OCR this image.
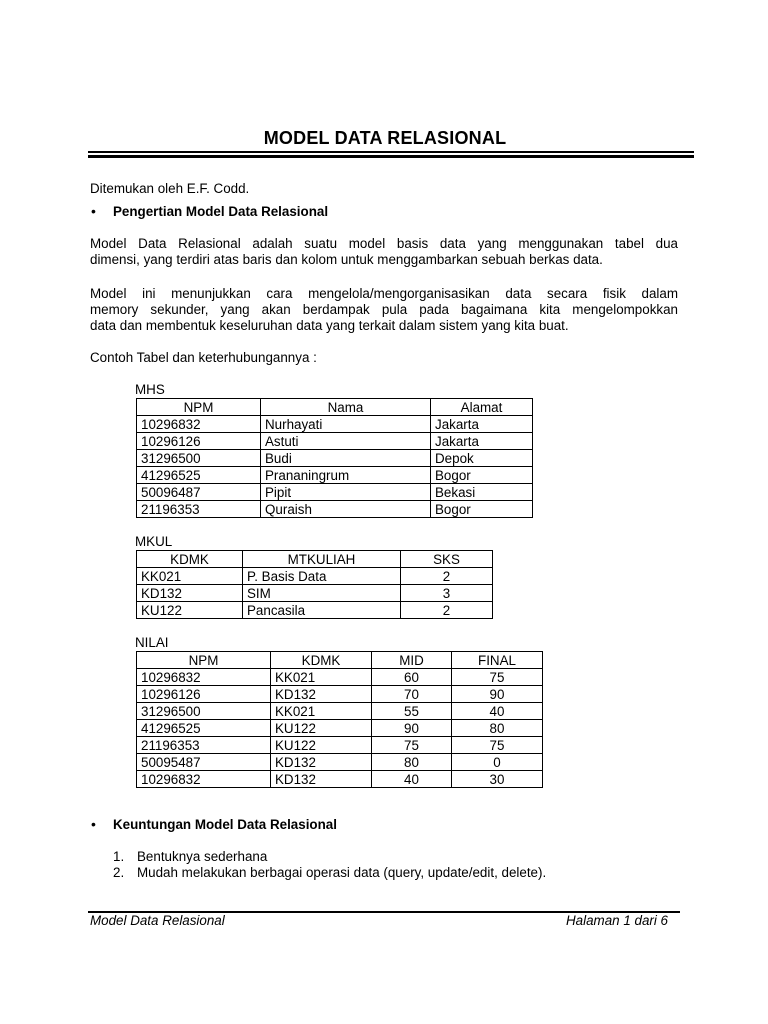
MODEL DATA RELASIONAL
Ditemukan oleh E.F. Codd.
• Pengertian Model Data Relasional
Model Data Relasional adalah suatu model basis data yang menggunakan tabel dua
dimensi, yang terdiri atas baris dan kolom untuk menggambarkan sebuah berkas data.
Model ini menunjukkan cara mengelola/mengorganisasikan data secara fisik dalam
memory sekunder, yang akan berdampak pula pada bagaimana kita mengelompokkan
data dan membentuk keseluruhan data yang terkait dalam sistem yang kita buat.
Contoh Tabel dan keterhubungannya :
MHS
NPM	Nama	Alamat
10296832	Nurhayati	Jakarta
10296126	Astuti	Jakarta
31296500	Budi	Depok
41296525	Prananingrum	Bogor
50096487	Pipit	Bekasi
21196353	Quraish	Bogor
MKUL
KDMK	MTKULIAH	SKS
KK021	P. Basis Data	2
KD132	SIM	3
KU122	Pancasila	2
NILAI
NPM	KDMK	MID	FINAL
10296832	KK021	60	75
10296126	KD132	70	90
31296500	KK021	55	40
41296525	KU122	90	80
21196353	KU122	75	75
50095487	KD132	80	0
10296832	KD132	40	30
• Keuntungan Model Data Relasional
1. Bentuknya sederhana
2. Mudah melakukan berbagai operasi data (query, update/edit, delete).
Model Data Relasional	Halaman 1 dari 6
